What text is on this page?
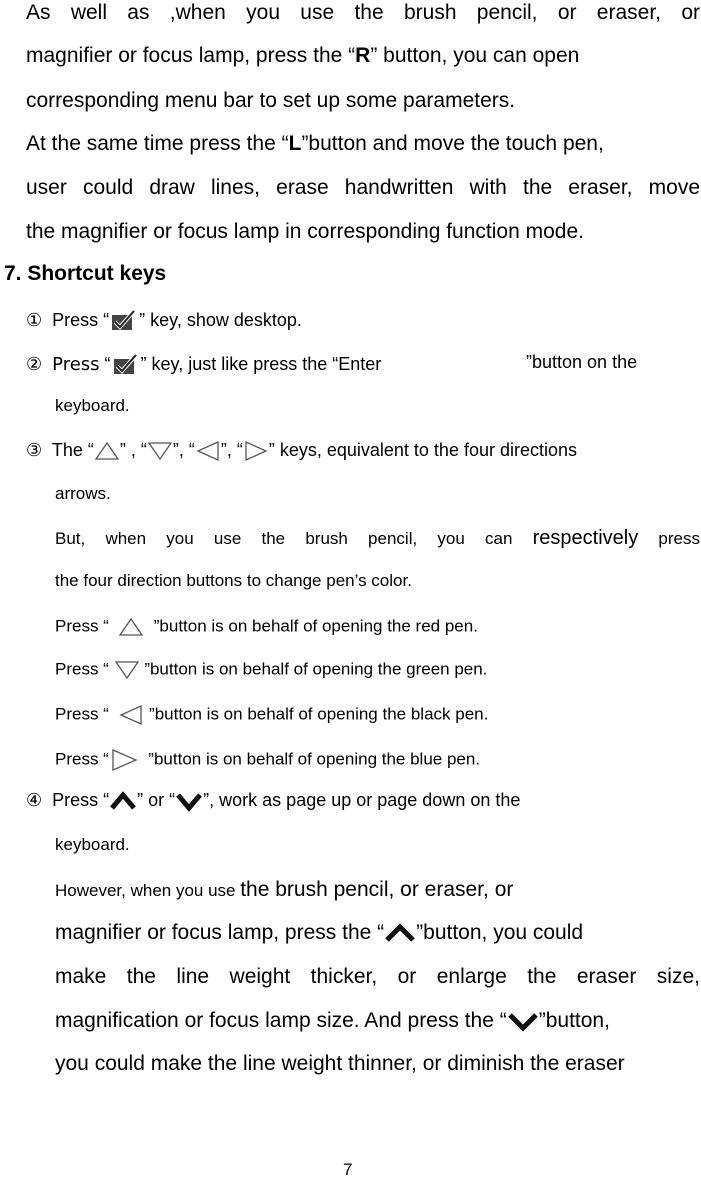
As well as ,when you use the brush pencil, or eraser, or
magnifier or focus lamp, press the “R” button, you can open
corresponding menu bar to set up some parameters.
At the same time press the “L”button and move the touch pen,
user could draw lines, erase handwritten with the eraser, move
the magnifier or focus lamp in corresponding function mode.
7. Shortcut keys
① Press “ ” key, show desktop.
② Press “ ” key, just like press the “Enter	”button on the
keyboard.
③ The “ ” , “ ”, “ ”, “ ” keys, equivalent to the four directions
arrows.
But, when you use the brush pencil, you can respectively press
the four direction buttons to change pen’s color.
Press “	”button is on behalf of opening the red pen.
Press “ ”button is on behalf of opening the green pen.
Press “ ”button is on behalf of opening the black pen.
Press “ ”button is on behalf of opening the blue pen.
④ Press “ ” or “ ”, work as page up or page down on the
keyboard.
However, when you use the brush pencil, or eraser, or
magnifier or focus lamp, press the “ ”button, you could
make the line weight thicker, or enlarge the eraser size,
magnification or focus lamp size. And press the “ ”button,
you could make the line weight thinner, or diminish the eraser
7
